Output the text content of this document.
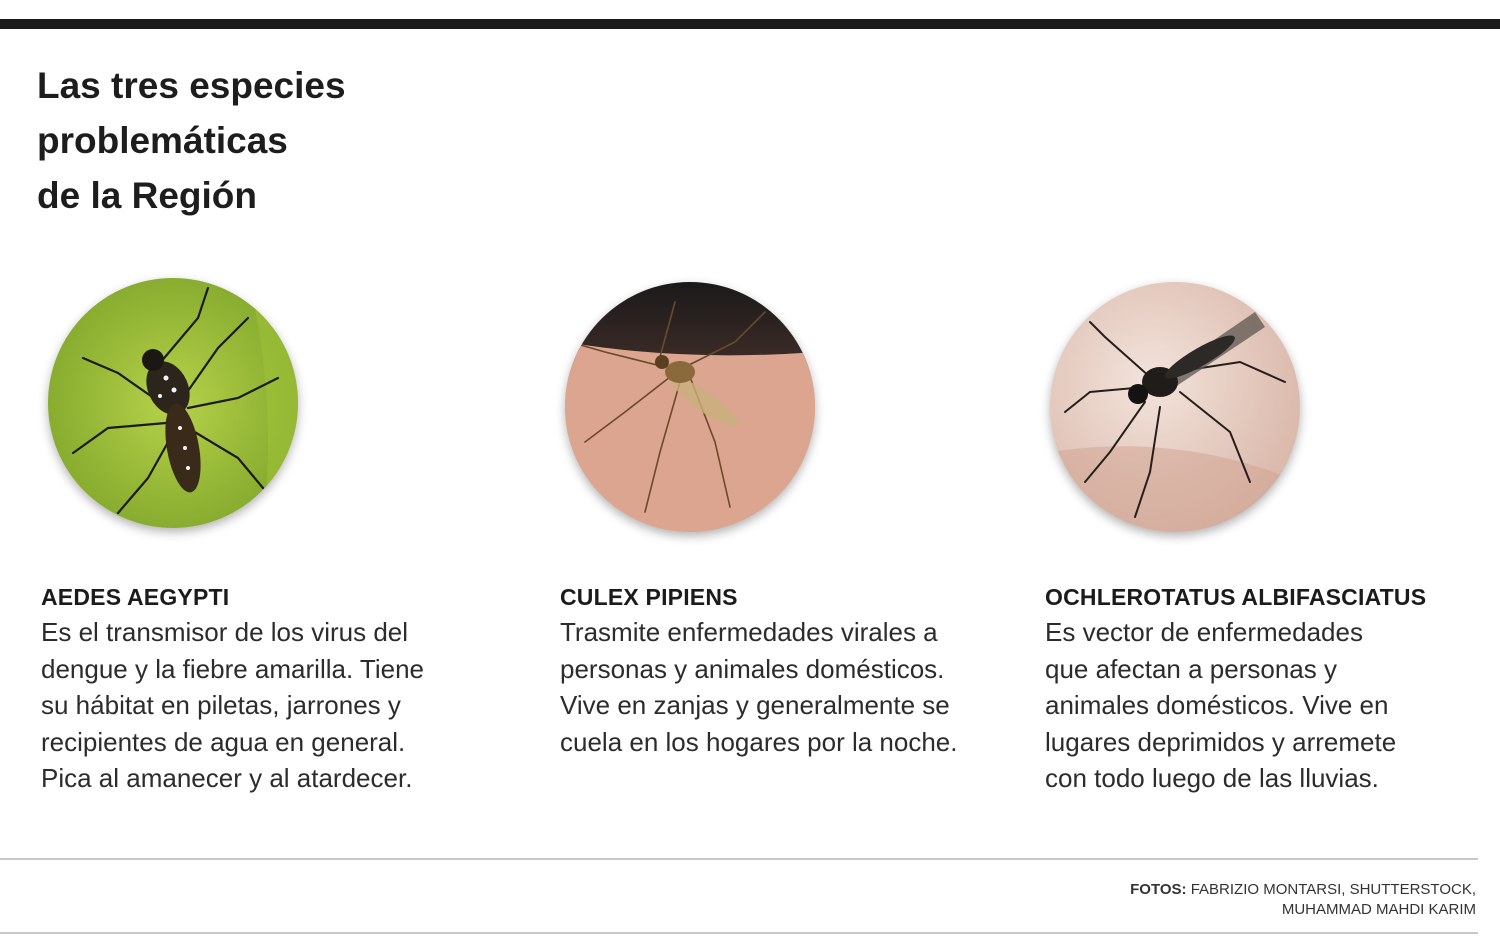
Las tres especies
problemáticas
de la Región
AEDES AEGYPTI
Es el transmisor de los virus del
dengue y la fiebre amarilla. Tiene
su hábitat en piletas, jarrones y
recipientes de agua en general.
Pica al amanecer y al atardecer.
CULEX PIPIENS
Trasmite enfermedades virales a
personas y animales domésticos.
Vive en zanjas y generalmente se
cuela en los hogares por la noche.
OCHLEROTATUS ALBIFASCIATUS
Es vector de enfermedades
que afectan a personas y
animales domésticos. Vive en
lugares deprimidos y arremete
con todo luego de las lluvias.
FOTOS: FABRIZIO MONTARSI, SHUTTERSTOCK,
MUHAMMAD MAHDI KARIM
